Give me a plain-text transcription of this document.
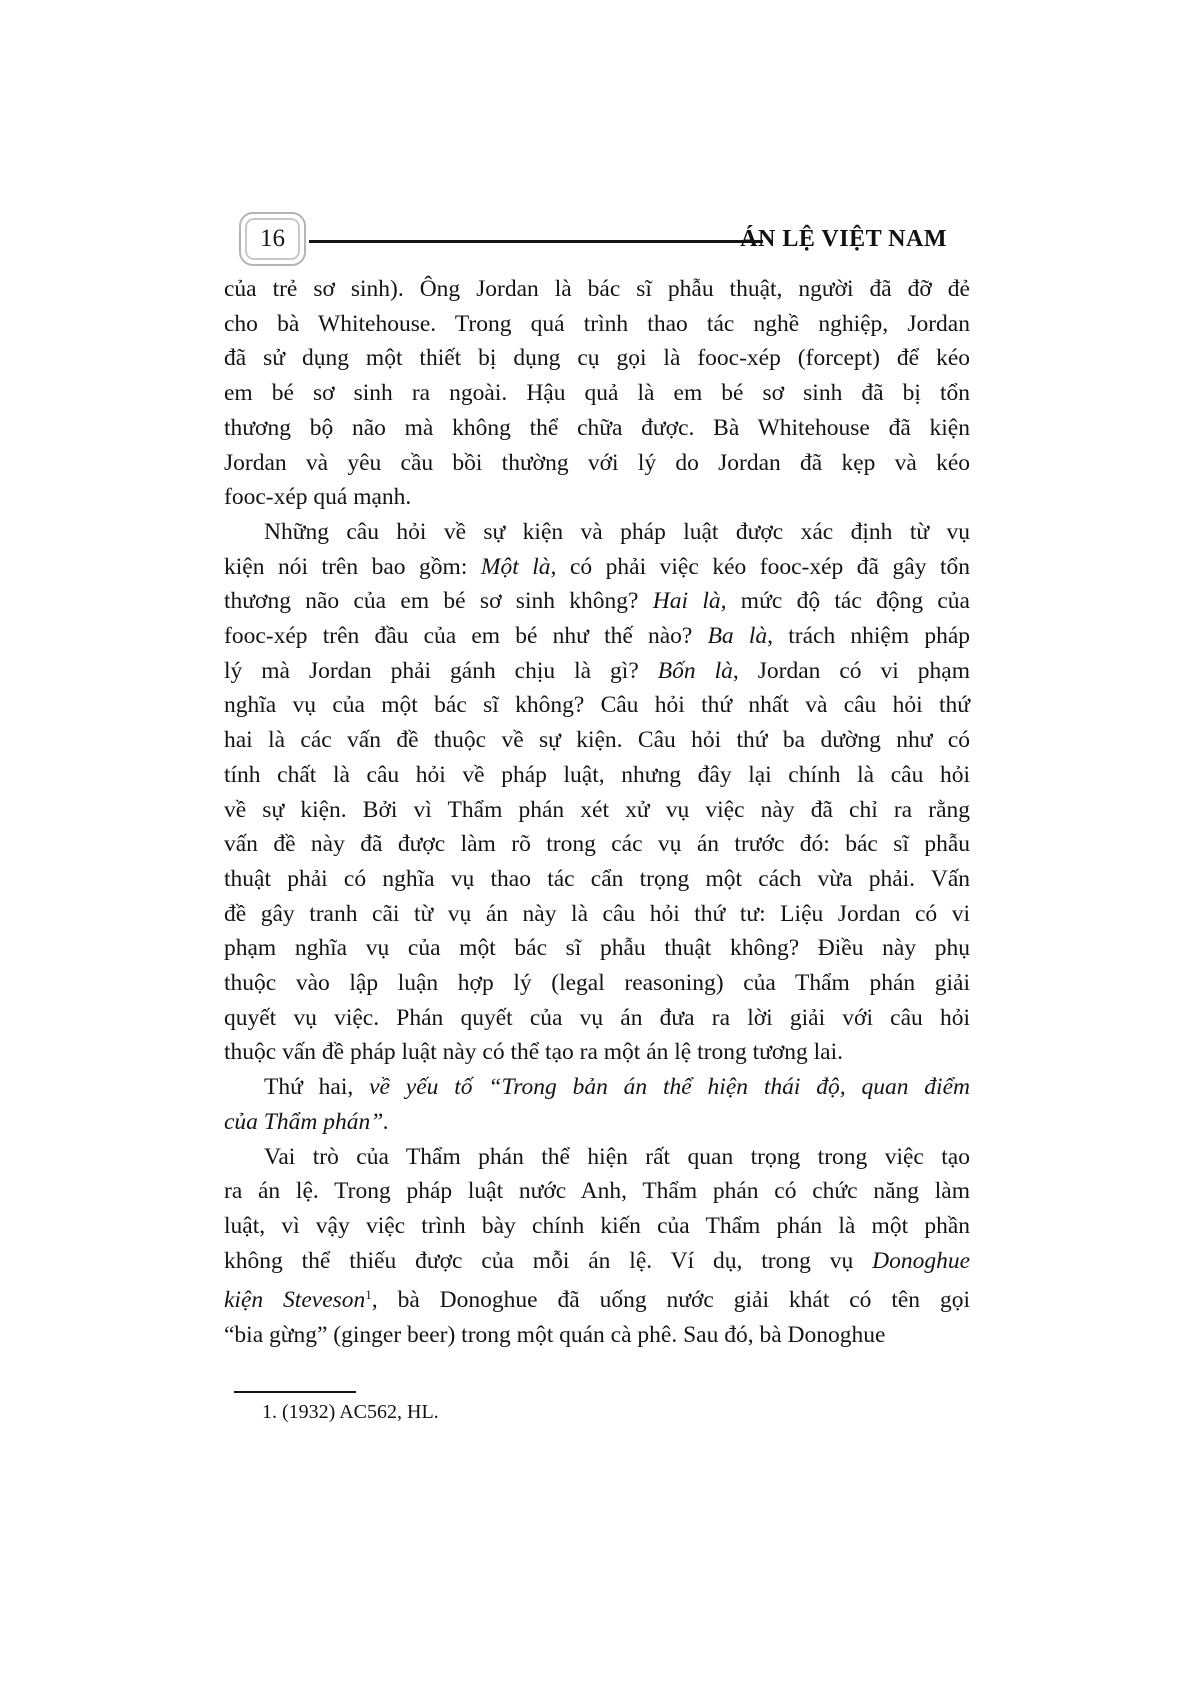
16	ÁN LỆ VIỆT NAM
của trẻ sơ sinh). Ông Jordan là bác sĩ phẫu thuật, người đã đỡ đẻ
cho bà Whitehouse. Trong quá trình thao tác nghề nghiệp, Jordan
đã sử dụng một thiết bị dụng cụ gọi là fooc-xép (forcept) để kéo
em bé sơ sinh ra ngoài. Hậu quả là em bé sơ sinh đã bị tổn
thương bộ não mà không thể chữa được. Bà Whitehouse đã kiện
Jordan và yêu cầu bồi thường với lý do Jordan đã kẹp và kéo
fooc-xép quá mạnh.
Những câu hỏi về sự kiện và pháp luật được xác định từ vụ
kiện nói trên bao gồm: Một là, có phải việc kéo fooc-xép đã gây tổn
thương não của em bé sơ sinh không? Hai là, mức độ tác động của
fooc-xép trên đầu của em bé như thế nào? Ba là, trách nhiệm pháp
lý mà Jordan phải gánh chịu là gì? Bốn là, Jordan có vi phạm
nghĩa vụ của một bác sĩ không? Câu hỏi thứ nhất và câu hỏi thứ
hai là các vấn đề thuộc về sự kiện. Câu hỏi thứ ba dường như có
tính chất là câu hỏi về pháp luật, nhưng đây lại chính là câu hỏi
về sự kiện. Bởi vì Thẩm phán xét xử vụ việc này đã chỉ ra rằng
vấn đề này đã được làm rõ trong các vụ án trước đó: bác sĩ phẫu
thuật phải có nghĩa vụ thao tác cẩn trọng một cách vừa phải. Vấn
đề gây tranh cãi từ vụ án này là câu hỏi thứ tư: Liệu Jordan có vi
phạm nghĩa vụ của một bác sĩ phẫu thuật không? Điều này phụ
thuộc vào lập luận hợp lý (legal reasoning) của Thẩm phán giải
quyết vụ việc. Phán quyết của vụ án đưa ra lời giải với câu hỏi
thuộc vấn đề pháp luật này có thể tạo ra một án lệ trong tương lai.
Thứ hai, về yếu tố “Trong bản án thể hiện thái độ, quan điểm
của Thẩm phán”.
Vai trò của Thẩm phán thể hiện rất quan trọng trong việc tạo
ra án lệ. Trong pháp luật nước Anh, Thẩm phán có chức năng làm
luật, vì vậy việc trình bày chính kiến của Thẩm phán là một phần
không thể thiếu được của mỗi án lệ. Ví dụ, trong vụ Donoghue
kiện Steveson$^1$, bà Donoghue đã uống nước giải khát có tên gọi
“bia gừng” (ginger beer) trong một quán cà phê. Sau đó, bà Donoghue
1. (1932) AC562, HL.
